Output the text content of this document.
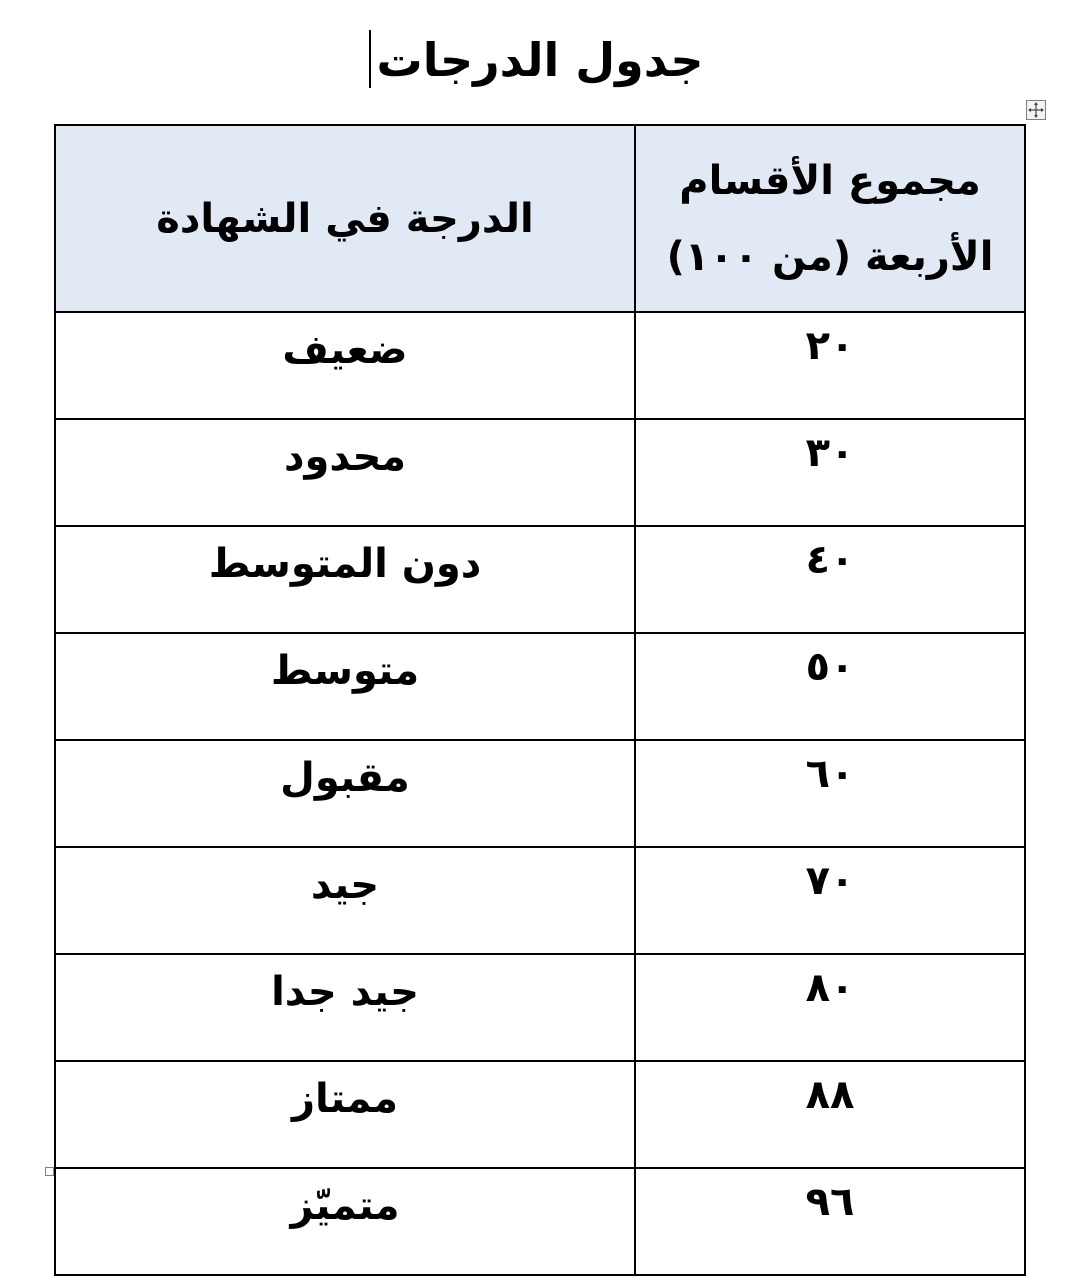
جدول الدرجات
مجموع الأقسام الأربعة (من ١٠٠)	الدرجة في الشهادة
٢٠	ضعيف
٣٠	محدود
٤٠	دون المتوسط
٥٠	متوسط
٦٠	مقبول
٧٠	جيد
٨٠	جيد جدا
٨٨	ممتاز
٩٦	متميّز
